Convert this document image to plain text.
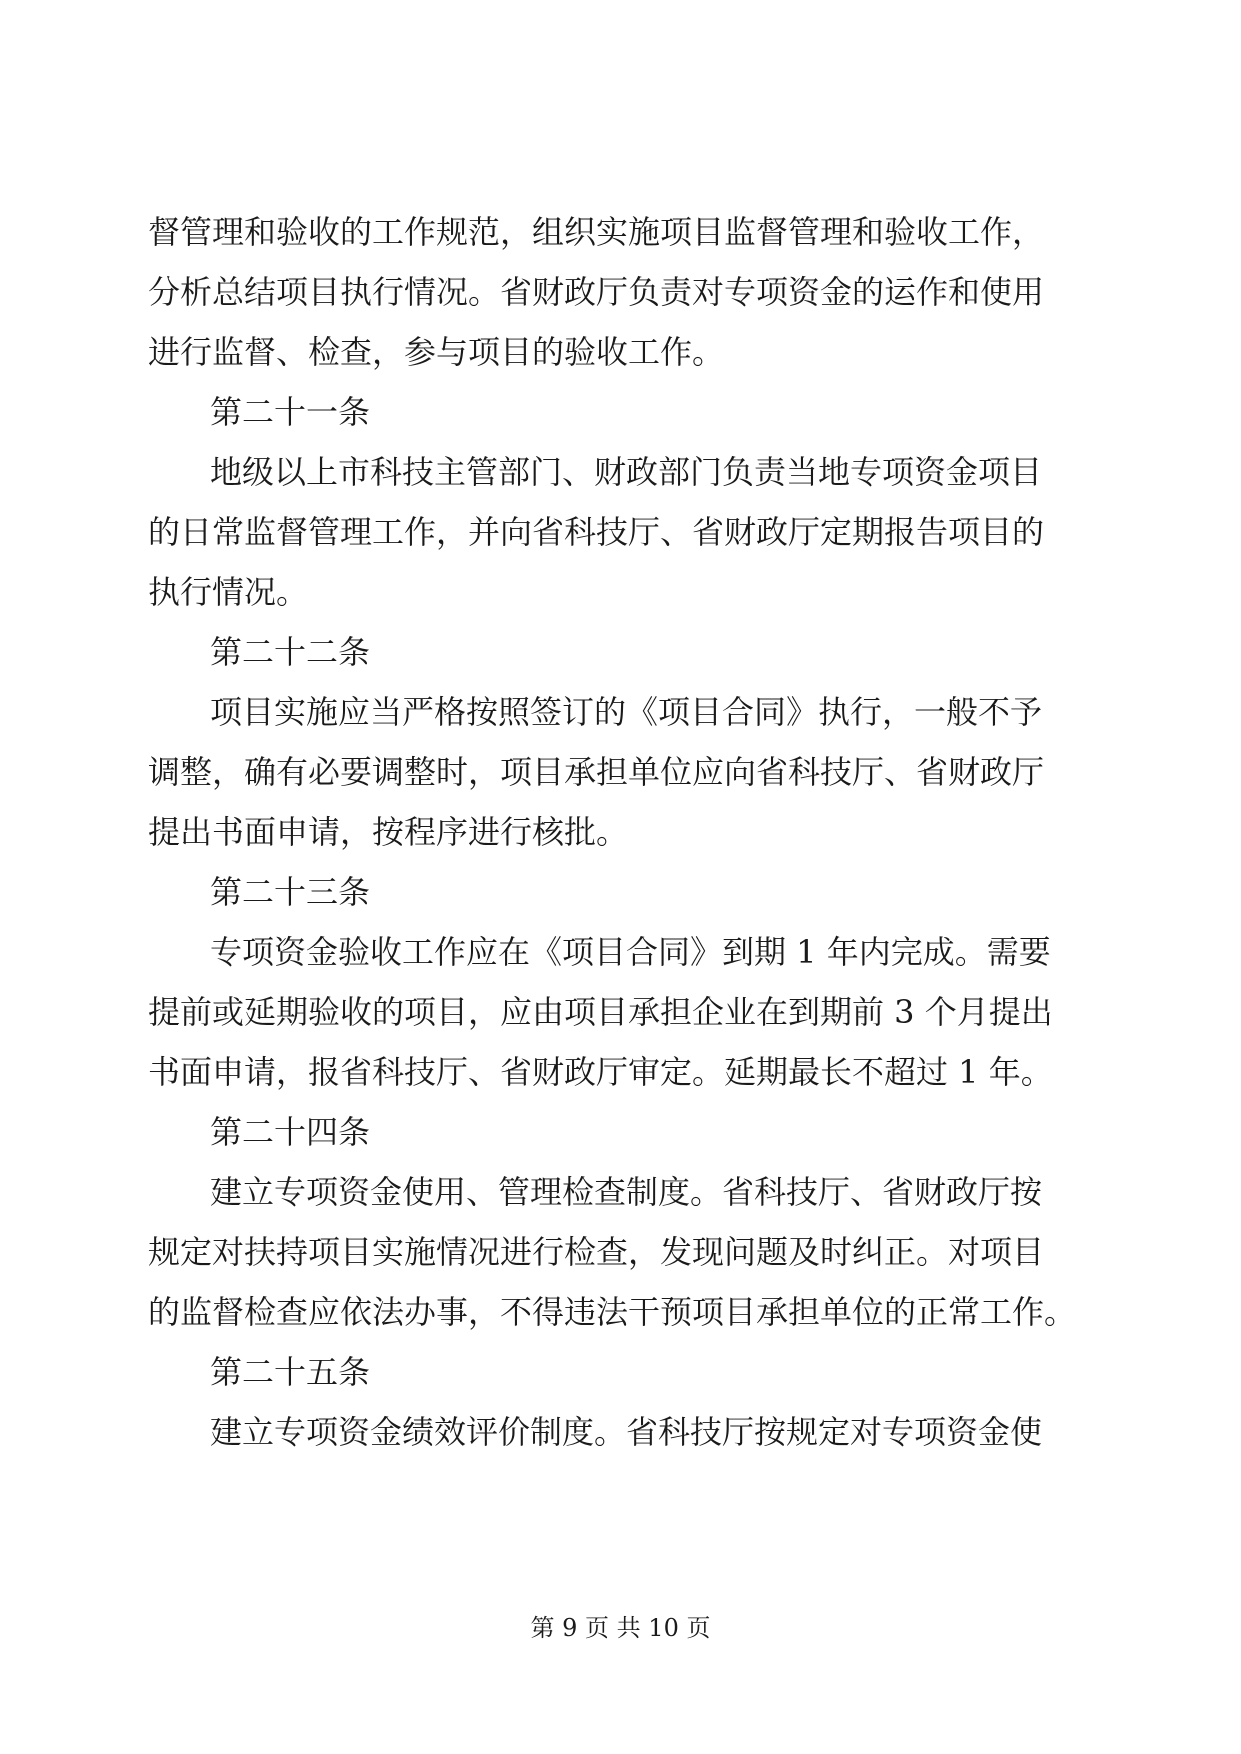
督管理和验收的工作规范，组织实施项目监督管理和验收工作，
分析总结项目执行情况。省财政厅负责对专项资金的运作和使用
进行监督、检查，参与项目的验收工作。
第二十一条
地级以上市科技主管部门、财政部门负责当地专项资金项目
的日常监督管理工作，并向省科技厅、省财政厅定期报告项目的
执行情况。
第二十二条
项目实施应当严格按照签订的《项目合同》执行，一般不予
调整，确有必要调整时，项目承担单位应向省科技厅、省财政厅
提出书面申请，按程序进行核批。
第二十三条
专项资金验收工作应在《项目合同》到期 1 年内完成。需要
提前或延期验收的项目，应由项目承担企业在到期前 3 个月提出
书面申请，报省科技厅、省财政厅审定。延期最长不超过 1 年。
第二十四条
建立专项资金使用、管理检查制度。省科技厅、省财政厅按
规定对扶持项目实施情况进行检查，发现问题及时纠正。对项目
的监督检查应依法办事，不得违法干预项目承担单位的正常工作。
第二十五条
建立专项资金绩效评价制度。省科技厅按规定对专项资金使
第 9 页 共 10 页
